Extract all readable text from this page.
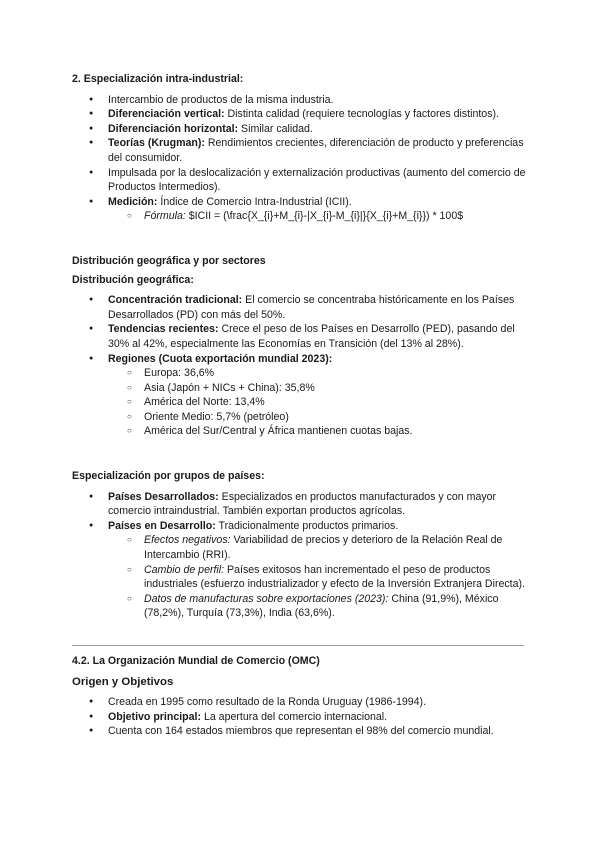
2. Especialización intra-industrial:

● Intercambio de productos de la misma industria.
● Diferenciación vertical: Distinta calidad (requiere tecnologías y factores distintos).
● Diferenciación horizontal: Similar calidad.
● Teorías (Krugman): Rendimientos crecientes, diferenciación de producto y preferencias del consumidor.
● Impulsada por la deslocalización y externalización productivas (aumento del comercio de Productos Intermedios).
● Medición: Índice de Comercio Intra-Industrial (ICII).
○ Fórmula: $ICII = (\frac{X_{i}+M_{i}-|X_{i}-M_{i}|}{X_{i}+M_{i}}) * 100$

Distribución geográfica y por sectores

Distribución geográfica:

● Concentración tradicional: El comercio se concentraba históricamente en los Países Desarrollados (PD) con más del 50%.
● Tendencias recientes: Crece el peso de los Países en Desarrollo (PED), pasando del 30% al 42%, especialmente las Economías en Transición (del 13% al 28%).
● Regiones (Cuota exportación mundial 2023):
○ Europa: 36,6%
○ Asia (Japón + NICs + China): 35,8%
○ América del Norte: 13,4%
○ Oriente Medio: 5,7% (petróleo)
○ América del Sur/Central y África mantienen cuotas bajas.

Especialización por grupos de países:

● Países Desarrollados: Especializados en productos manufacturados y con mayor comercio intraindustrial. También exportan productos agrícolas.
● Países en Desarrollo: Tradicionalmente productos primarios.
○ Efectos negativos: Variabilidad de precios y deterioro de la Relación Real de Intercambio (RRI).
○ Cambio de perfil: Países exitosos han incrementado el peso de productos industriales (esfuerzo industrializador y efecto de la Inversión Extranjera Directa).
○ Datos de manufacturas sobre exportaciones (2023): China (91,9%), México (78,2%), Turquía (73,3%), India (63,6%).

4.2. La Organización Mundial de Comercio (OMC)

Origen y Objetivos

● Creada en 1995 como resultado de la Ronda Uruguay (1986-1994).
● Objetivo principal: La apertura del comercio internacional.
● Cuenta con 164 estados miembros que representan el 98% del comercio mundial.
